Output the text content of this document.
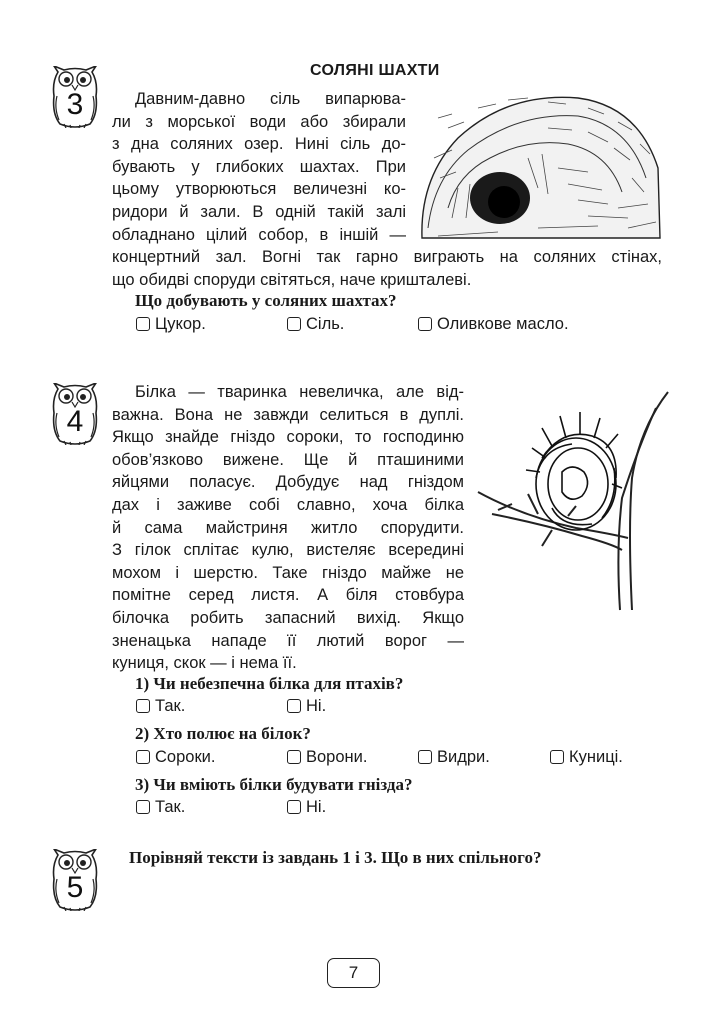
3
СОЛЯНІ ШАХТИ
Давним-давно сіль випарюва-
ли з морської води або збирали
з дна соляних озер. Нині сіль до-
бувають у глибоких шахтах. При
цьому утворюються величезні ко-
ридори й зали. В одній такій залі
обладнано цілий собор, в іншій —
концертний зал. Вогні так гарно виграють на соляних стінах,
що обидві споруди світяться, наче кришталеві.
Що добувають у соляних шахтах?
Цукор.	Сіль.	Оливкове масло.
4
Білка — тваринка невеличка, але від-
важна. Вона не завжди селиться в дуплі.
Якщо знайде гніздо сороки, то господиню
обов’язково вижене. Ще й пташиними
яйцями поласує. Добудує над гніздом
дах і заживе собі славно, хоча білка
й сама майстриня житло спорудити.
З гілок сплітає кулю, вистеляє всередині
мохом і шерстю. Таке гніздо майже не
помітне серед листя. А біля стовбура
білочка робить запасний вихід. Якщо
зненацька нападе її лютий ворог —
куниця, скок — і нема її.
1) Чи небезпечна білка для птахів?
Так.	Ні.
2) Хто полює на білок?
Сороки.	Ворони.	Видри.	Куниці.
3) Чи вміють білки будувати гнізда?
Так.	Ні.
5
Порівняй тексти із завдань 1 і 3. Що в них спільного?
7
